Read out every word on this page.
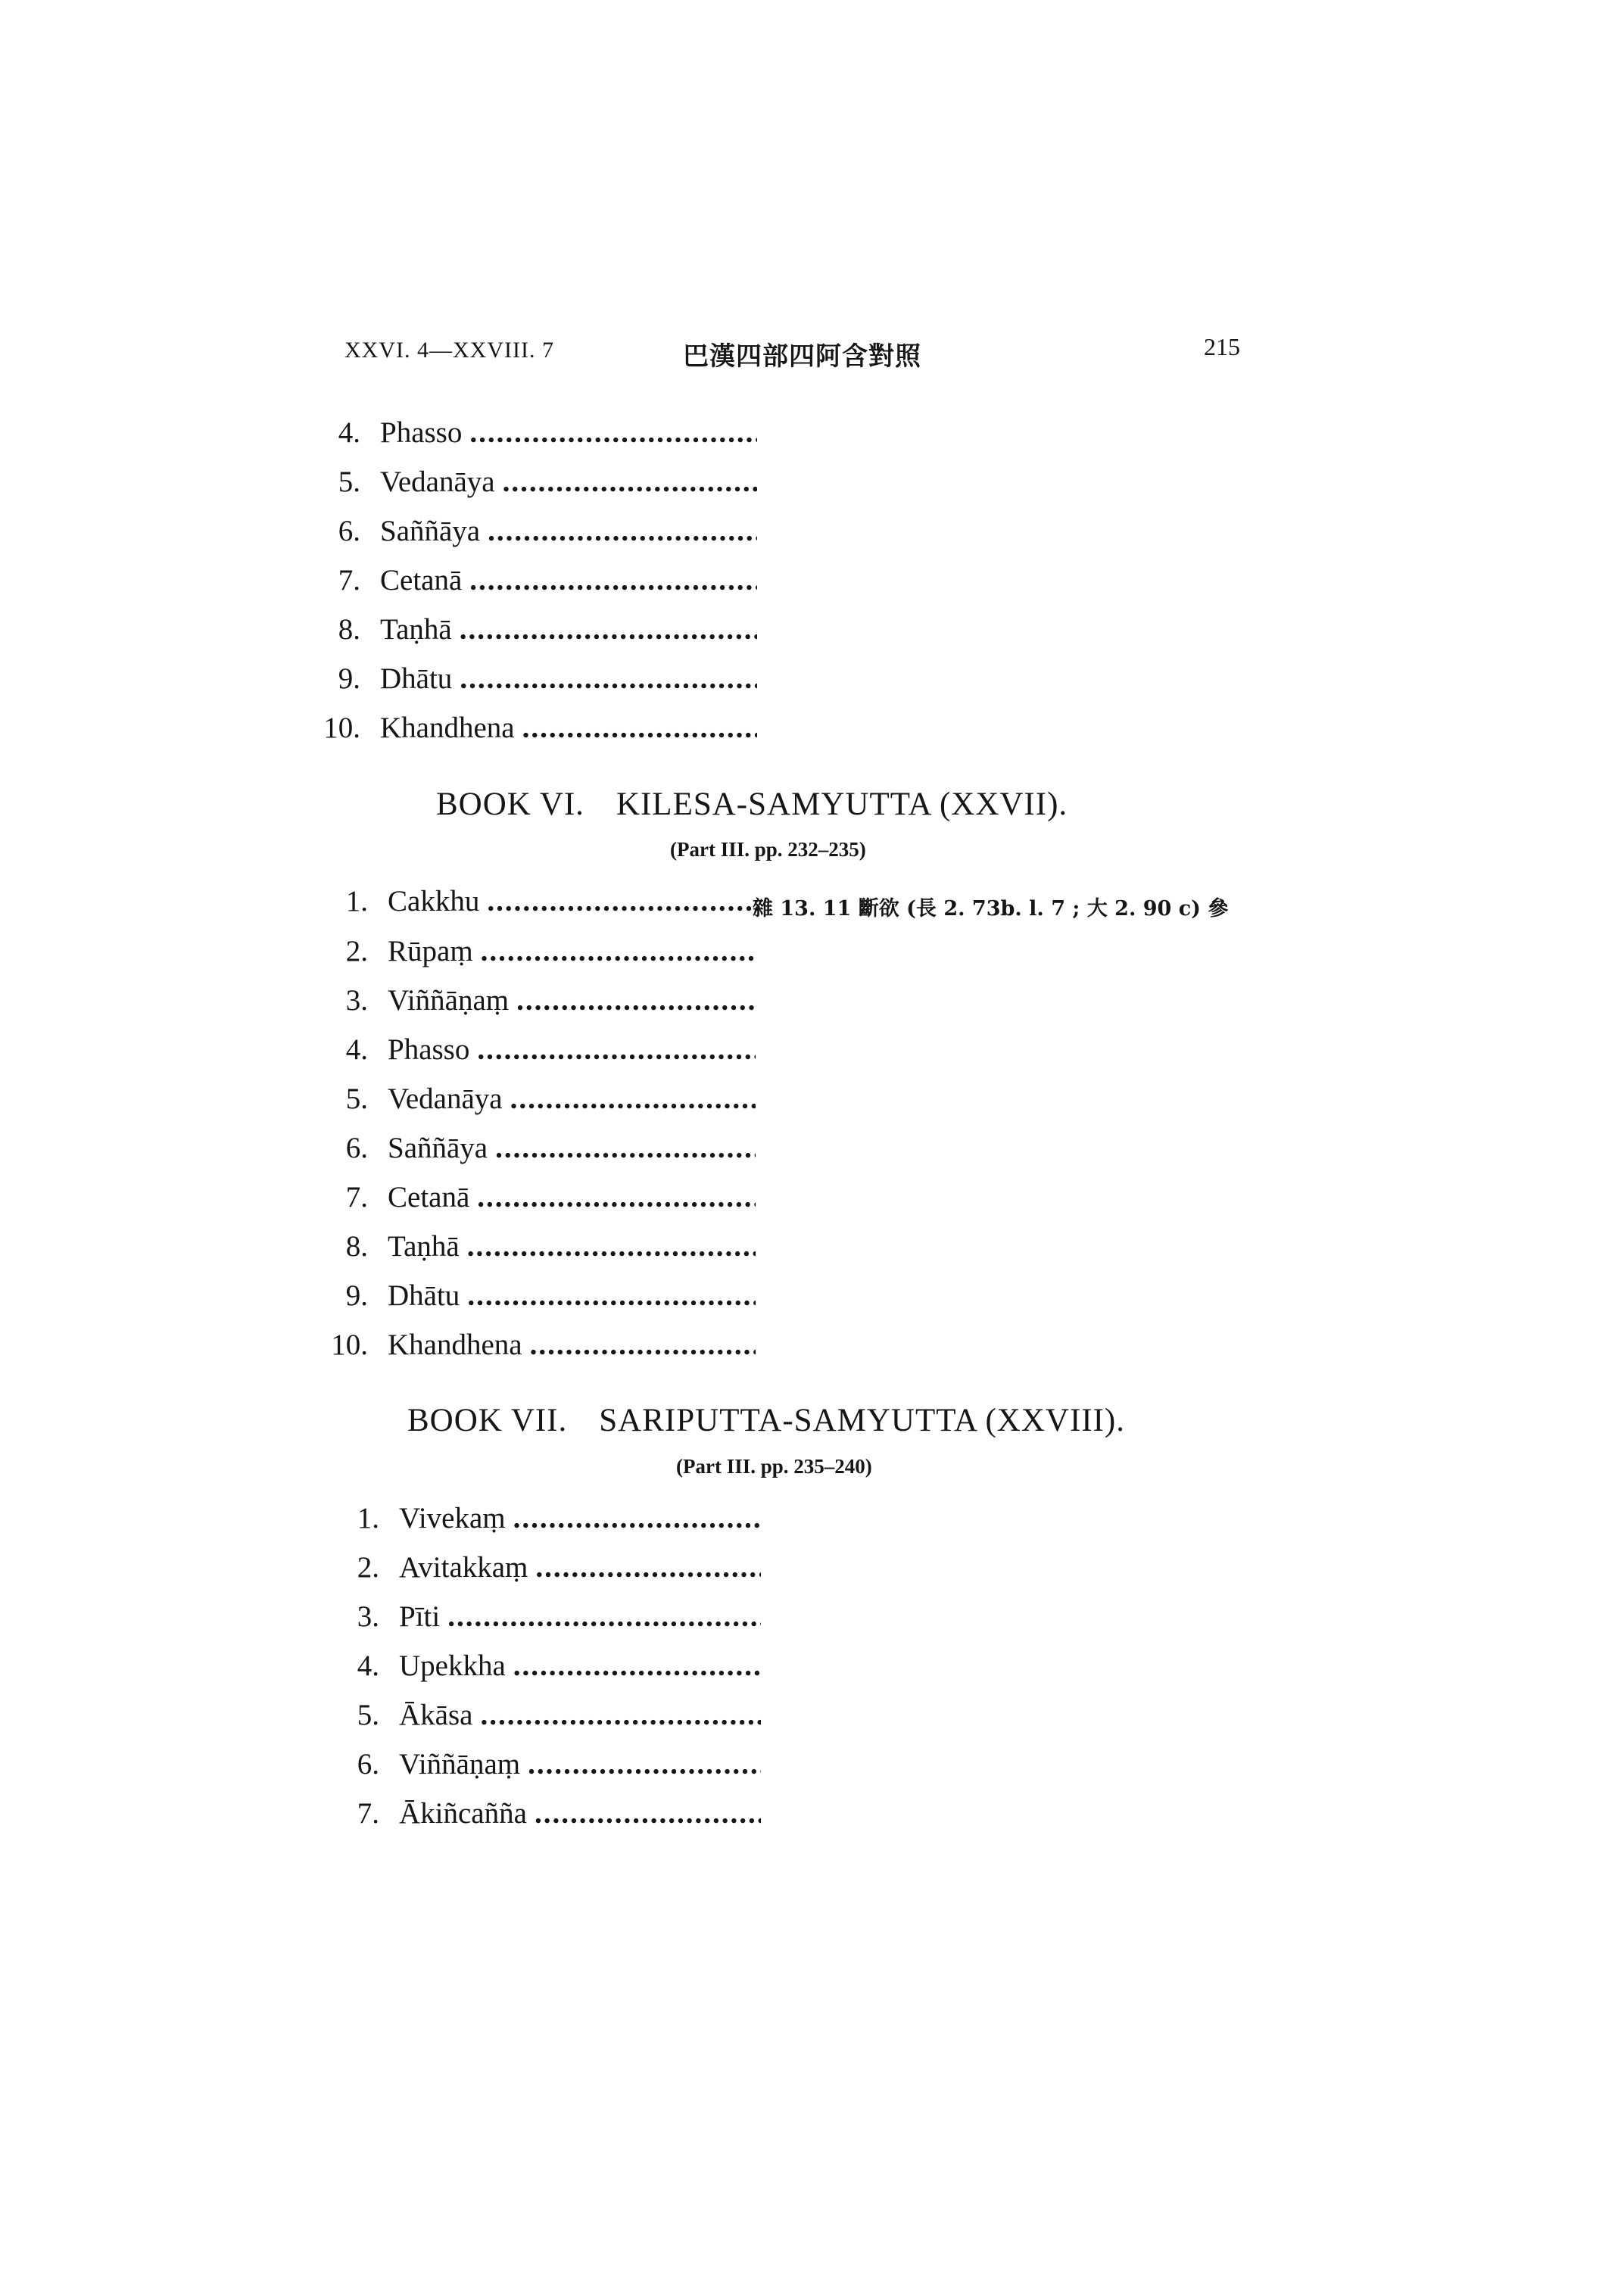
XXVI. 4—XXVIII. 7	巴漢四部四阿含對照	215
4. Phasso
.....
5. Vedanāya
.....
6. Saññāya
.....
7. Cetanā
.....
8. Taṇhā
.....
9. Dhātu
.....
10. Khandhena
.....
BOOK VI. KILESA-SAMYUTTA (XXVII).
(Part III. pp. 232–235)
1. Cakkhu
.....	雜 13. 11 斷欲 (長 2. 73b. l. 7 ; 大 2. 90 c) 參
2. Rūpaṃ
.....
3. Viññāṇaṃ
.....
4. Phasso
.....
5. Vedanāya
.....
6. Saññāya
.....
7. Cetanā
.....
8. Taṇhā
.....
9. Dhātu
.....
10. Khandhena
.....
BOOK VII. SARIPUTTA-SAMYUTTA (XXVIII).
(Part III. pp. 235–240)
1. Vivekaṃ
.....
2. Avitakkaṃ
.....
3. Pīti
.....
4. Upekkha
.....
5. Ākāsa
.....
6. Viññāṇaṃ
.....
7. Ākiñcañña
.....
